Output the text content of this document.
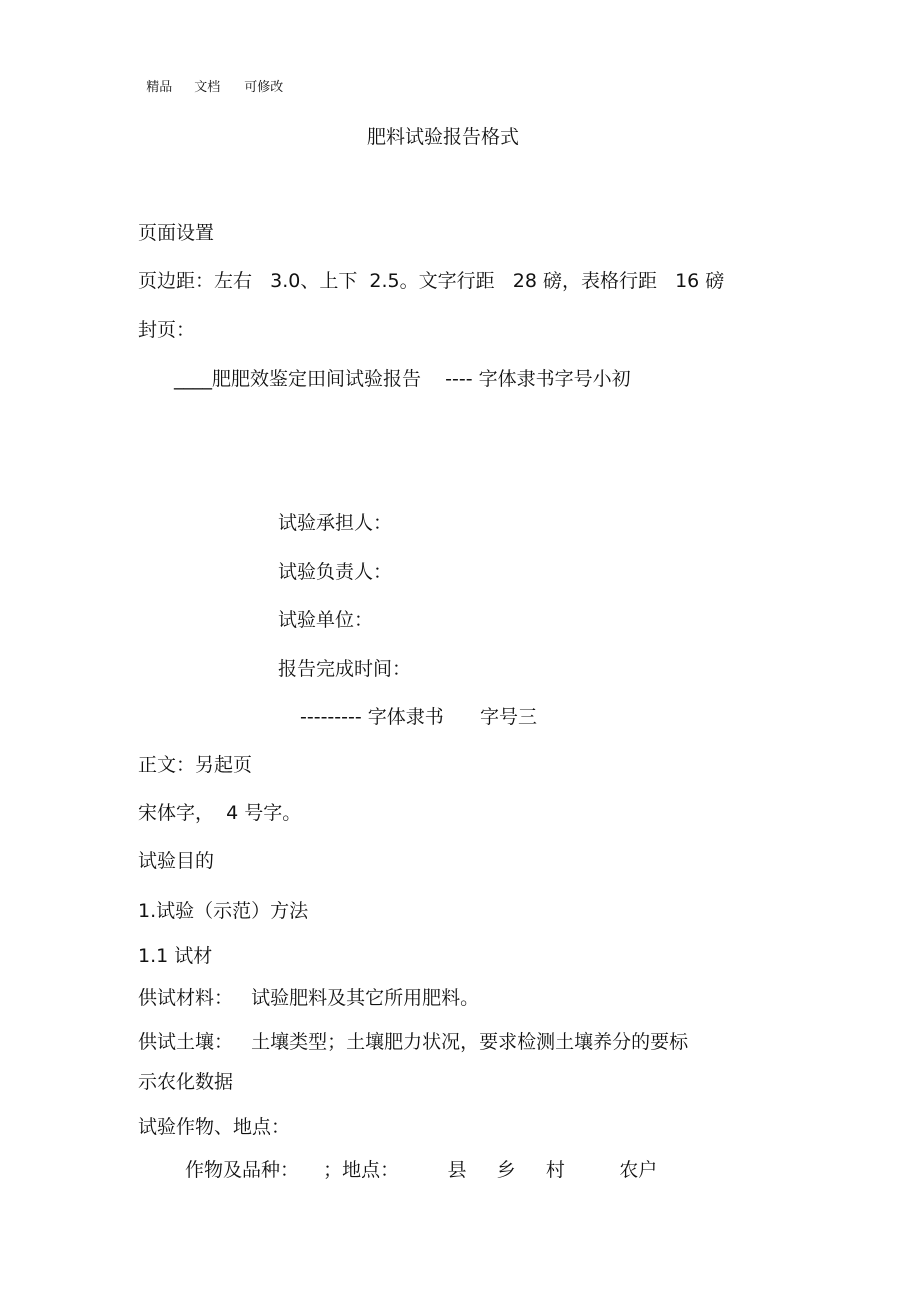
精品 文档 可修改

肥料试验报告格式
页面设置
页边距：左右   3.0、上下  2.5。文字行距   28 磅，表格行距   16 磅
封页：
____肥肥效鉴定田间试验报告    ---- 字体隶书字号小初
试验承担人：
试验负责人：
试验单位：
报告完成时间：
--------- 字体隶书      字号三
正文：另起页
宋体字，  4 号字。
试验目的
1.试验（示范）方法
1.1 试材
供试材料：   试验肥料及其它所用肥料。
供试土壤：   土壤类型；土壤肥力状况，要求检测土壤养分的要标
示农化数据
试验作物、地点：
作物及品种：    ；地点：        县     乡     村         农户
